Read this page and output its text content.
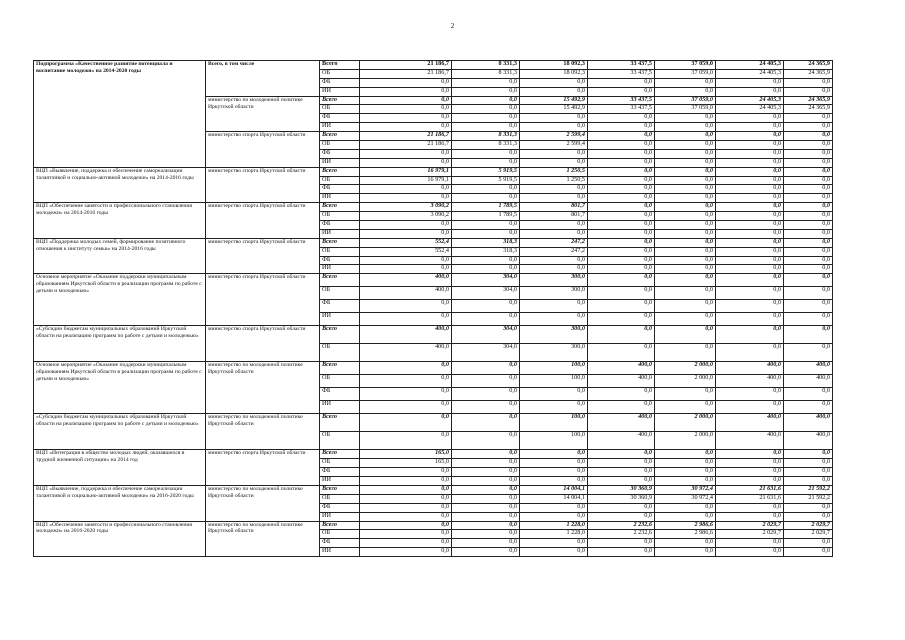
2
Подпрограмма «Качественное развитие потенциала и воспитание молодежи» на 2014-2020 годы	Всего, в том числе	Всего	21 186,7	8 331,3	18 092,3	33 437,5	37 059,0	24 405,3	24 365,9
		ОБ	21 186,7	8 331,3	18 092,3	33 437,5	37 059,0	24 405,3	24 365,9
		ФБ	0,0	0,0	0,0	0,0	0,0	0,0	0,0
		ИИ	0,0	0,0	0,0	0,0	0,0	0,0	0,0
	министерство по молодежной политике Иркутской области	Всего	0,0	0,0	15 492,9	33 437,5	37 059,0	24 405,3	24 365,9
		ОБ	0,0	0,0	15 492,9	33 437,5	37 059,0	24 405,3	24 365,9
		ФБ	0,0	0,0	0,0	0,0	0,0	0,0	0,0
		ИИ	0,0	0,0	0,0	0,0	0,0	0,0	0,0
	министерство спорта Иркутской области	Всего	21 186,7	8 331,3	2 599,4	0,0	0,0	0,0	0,0
		ОБ	21 186,7	8 331,3	2 599,4	0,0	0,0	0,0	0,0
		ФБ	0,0	0,0	0,0	0,0	0,0	0,0	0,0
		ИИ	0,0	0,0	0,0	0,0	0,0	0,0	0,0
ВЦП «Выявление, поддержка и обеспечение самореализации талантливой и социально-активной молодежи» на 2014-2016 годы	министерство спорта Иркутской области	Всего	16 979,1	5 919,5	1 250,5	0,0	0,0	0,0	0,0
		ОБ	16 979,1	5 919,5	1 250,5	0,0	0,0	0,0	0,0
		ФБ	0,0	0,0	0,0	0,0	0,0	0,0	0,0
		ИИ	0,0	0,0	0,0	0,0	0,0	0,0	0,0
ВЦП «Обеспечение занятости и профессионального становления молодежи» на 2014-2016 годы	министерство спорта Иркутской области	Всего	3 090,2	1 789,5	801,7	0,0	0,0	0,0	0,0
		ОБ	3 090,2	1 789,5	801,7	0,0	0,0	0,0	0,0
		ФБ	0,0	0,0	0,0	0,0	0,0	0,0	0,0
		ИИ	0,0	0,0	0,0	0,0	0,0	0,0	0,0
ВЦП «Поддержка молодых семей, формирование позитивного отношения к институту семьи» на 2014-2016 годы	министерство спорта Иркутской области	Всего	552,4	318,3	247,2	0,0	0,0	0,0	0,0
		ОБ	552,4	318,3	247,2	0,0	0,0	0,0	0,0
		ФБ	0,0	0,0	0,0	0,0	0,0	0,0	0,0
		ИИ	0,0	0,0	0,0	0,0	0,0	0,0	0,0
Основное мероприятие «Оказание поддержки муниципальным образованиям Иркутской области в реализации программ по работе с детьми и молодежью»	министерство спорта Иркутской области	Всего	400,0	304,0	300,0	0,0	0,0	0,0	0,0
		ОБ	400,0	304,0	300,0	0,0	0,0	0,0	0,0
		ФБ	0,0	0,0	0,0	0,0	0,0	0,0	0,0
		ИИ	0,0	0,0	0,0	0,0	0,0	0,0	0,0
«Субсидии бюджетам муниципальных образований Иркутской области на реализацию программ по работе с детьми и молодежью»	министерство спорта Иркутской области	Всего	400,0	304,0	300,0	0,0	0,0	0,0	0,0
		ОБ	400,0	304,0	300,0	0,0	0,0	0,0	0,0
Основное мероприятие «Оказание поддержки муниципальным образованиям Иркутской области в реализации программ по работе с детьми и молодежью»	министерство по молодежной политике Иркутской области	Всего	0,0	0,0	100,0	400,0	2 000,0	400,0	400,0
		ОБ	0,0	0,0	100,0	400,0	2 000,0	400,0	400,0
		ФБ	0,0	0,0	0,0	0,0	0,0	0,0	0,0
		ИИ	0,0	0,0	0,0	0,0	0,0	0,0	0,0
«Субсидии бюджетам муниципальных образований Иркутской области на реализацию программ по работе с детьми и молодежью»	министерство по молодежной политике Иркутской области	Всего	0,0	0,0	100,0	400,0	2 000,0	400,0	400,0
		ОБ	0,0	0,0	100,0	400,0	2 000,0	400,0	400,0
ВЦП «Интеграция в общество молодых людей, оказавшихся в трудной жизненной ситуации» на 2014 год	министерство спорта Иркутской области	Всего	165,0	0,0	0,0	0,0	0,0	0,0	0,0
		ОБ	165,0	0,0	0,0	0,0	0,0	0,0	0,0
		ФБ	0,0	0,0	0,0	0,0	0,0	0,0	0,0
		ИИ	0,0	0,0	0,0	0,0	0,0	0,0	0,0
ВЦП «Выявление, поддержка и обеспечение самореализации талантливой и социально-активной молодежи» на 2016-2020 годы	министерство по молодежной политике Иркутской области	Всего	0,0	0,0	14 004,1	30 360,9	30 972,4	21 631,6	21 592,2
		ОБ	0,0	0,0	14 004,1	30 360,9	30 972,4	21 631,6	21 592,2
		ФБ	0,0	0,0	0,0	0,0	0,0	0,0	0,0
		ИИ	0,0	0,0	0,0	0,0	0,0	0,0	0,0
ВЦП «Обеспечение занятости и профессионального становления молодежи» на 2016-2020 годы	министерство по молодежной политике Иркутской области	Всего	0,0	0,0	1 228,0	2 232,6	2 986,6	2 029,7	2 029,7
		ОБ	0,0	0,0	1 228,0	2 232,6	2 986,6	2 029,7	2 029,7
		ФБ	0,0	0,0	0,0	0,0	0,0	0,0	0,0
		ИИ	0,0	0,0	0,0	0,0	0,0	0,0	0,0
